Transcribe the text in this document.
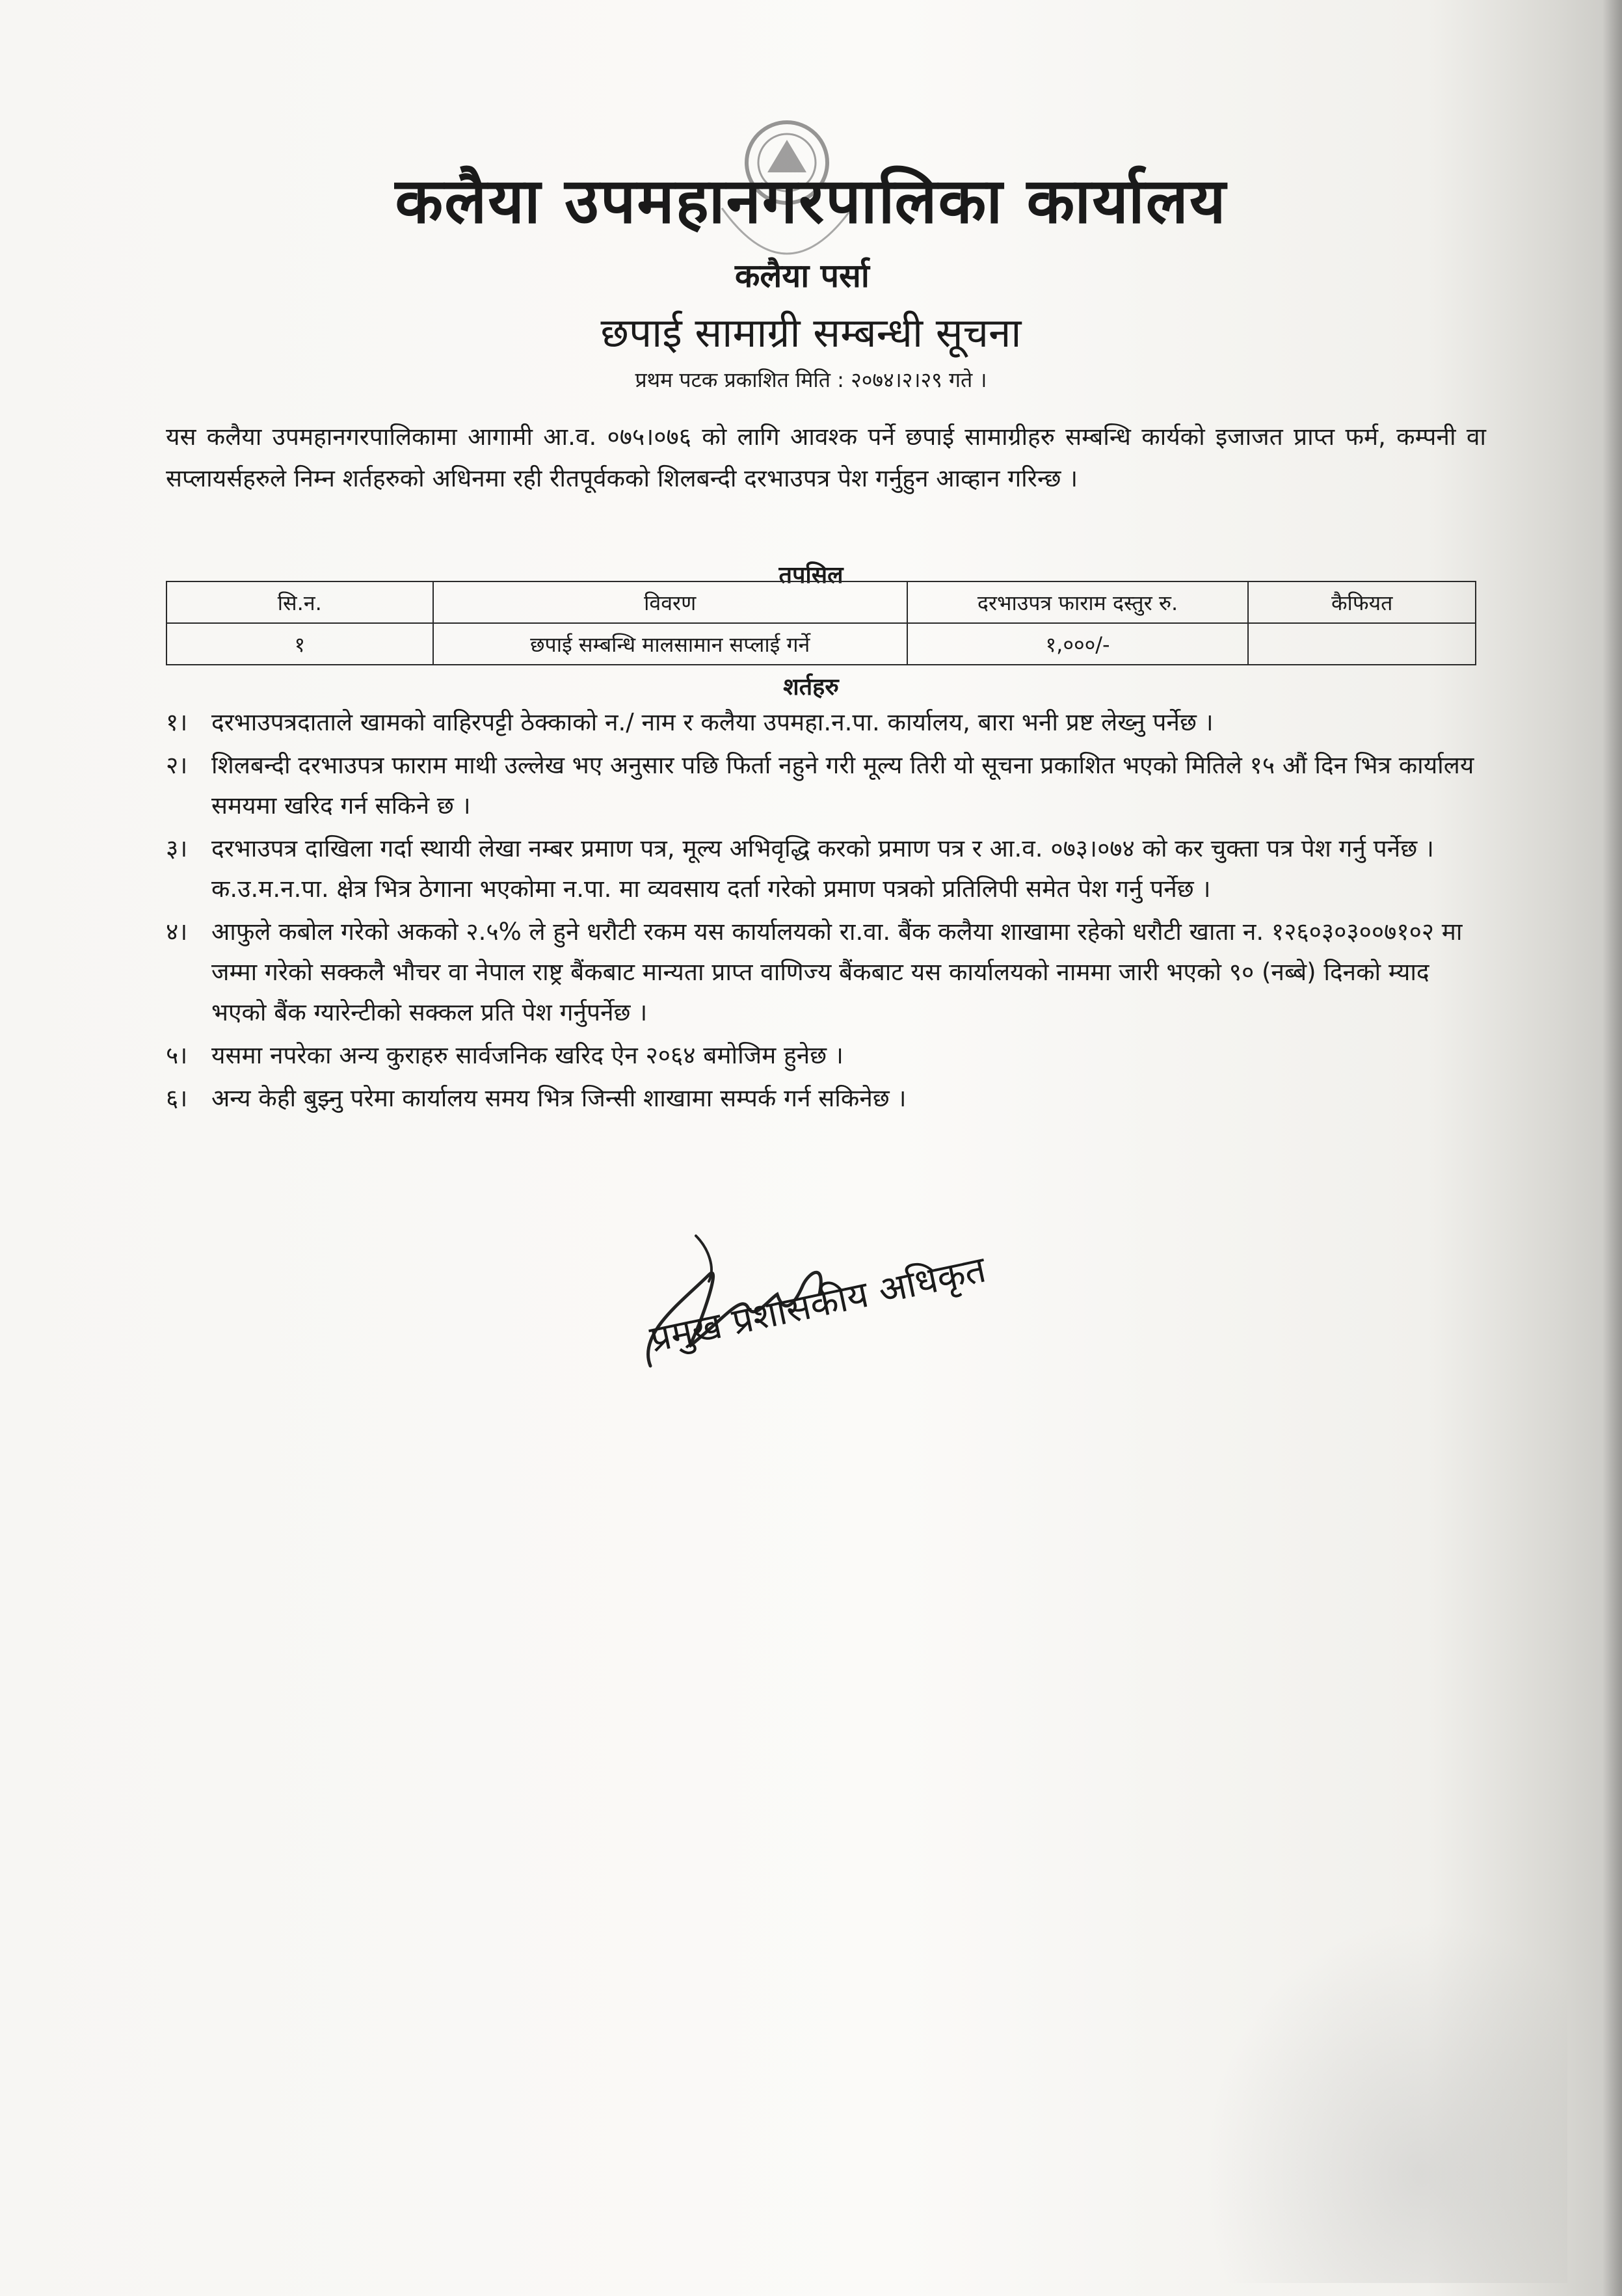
कलैया उपमहानगरपालिका कार्यालय
कलैया पर्सा
छपाई सामाग्री सम्बन्धी सूचना
प्रथम पटक प्रकाशित मिति : २०७४।२।२९ गते ।
यस कलैया उपमहानगरपालिकामा आगामी आ.व. ०७५।०७६ को लागि आवश्क पर्ने छपाई सामाग्रीहरु सम्बन्धि कार्यको इजाजत प्राप्त फर्म, कम्पनी वा सप्लायर्सहरुले निम्न शर्तहरुको अधिनमा रही रीतपूर्वकको शिलबन्दी दरभाउपत्र पेश गर्नुहुन आव्हान गरिन्छ ।
तपसिल
सि.न.	विवरण	दरभाउपत्र फाराम दस्तुर रु.	कैफियत
१	छपाई सम्बन्धि मालसामान सप्लाई गर्ने	१,०००/-	
शर्तहरु
१। दरभाउपत्रदाताले खामको वाहिरपट्टी ठेक्काको न./ नाम र कलैया उपमहा.न.पा. कार्यालय, बारा भनी प्रष्ट लेख्नु पर्नेछ ।
२। शिलबन्दी दरभाउपत्र फाराम माथी उल्लेख भए अनुसार पछि फिर्ता नहुने गरी मूल्य तिरी यो सूचना प्रकाशित भएको मितिले १५ औं दिन भित्र कार्यालय समयमा खरिद गर्न सकिने छ ।
३। दरभाउपत्र दाखिला गर्दा स्थायी लेखा नम्बर प्रमाण पत्र, मूल्य अभिवृद्धि करको प्रमाण पत्र र आ.व. ०७३।०७४ को कर चुक्ता पत्र पेश गर्नु पर्नेछ । क.उ.म.न.पा. क्षेत्र भित्र ठेगाना भएकोमा न.पा. मा व्यवसाय दर्ता गरेको प्रमाण पत्रको प्रतिलिपी समेत पेश गर्नु पर्नेछ ।
४। आफुले कबोल गरेको अकको २.५% ले हुने धरौटी रकम यस कार्यालयको रा.वा. बैंक कलैया शाखामा रहेको धरौटी खाता न. १२६०३०३००७१०२ मा जम्मा गरेको सक्कलै भौचर वा नेपाल राष्ट्र बैंकबाट मान्यता प्राप्त वाणिज्य बैंकबाट यस कार्यालयको नाममा जारी भएको ९० (नब्बे) दिनको म्याद भएको बैंक ग्यारेन्टीको सक्कल प्रति पेश गर्नुपर्नेछ ।
५। यसमा नपरेका अन्य कुराहरु सार्वजनिक खरिद ऐन २०६४ बमोजिम हुनेछ ।
६। अन्य केही बुझ्नु परेमा कार्यालय समय भित्र जिन्सी शाखामा सम्पर्क गर्न सकिनेछ ।
प्रमुख प्रशासकीय अधिकृत
